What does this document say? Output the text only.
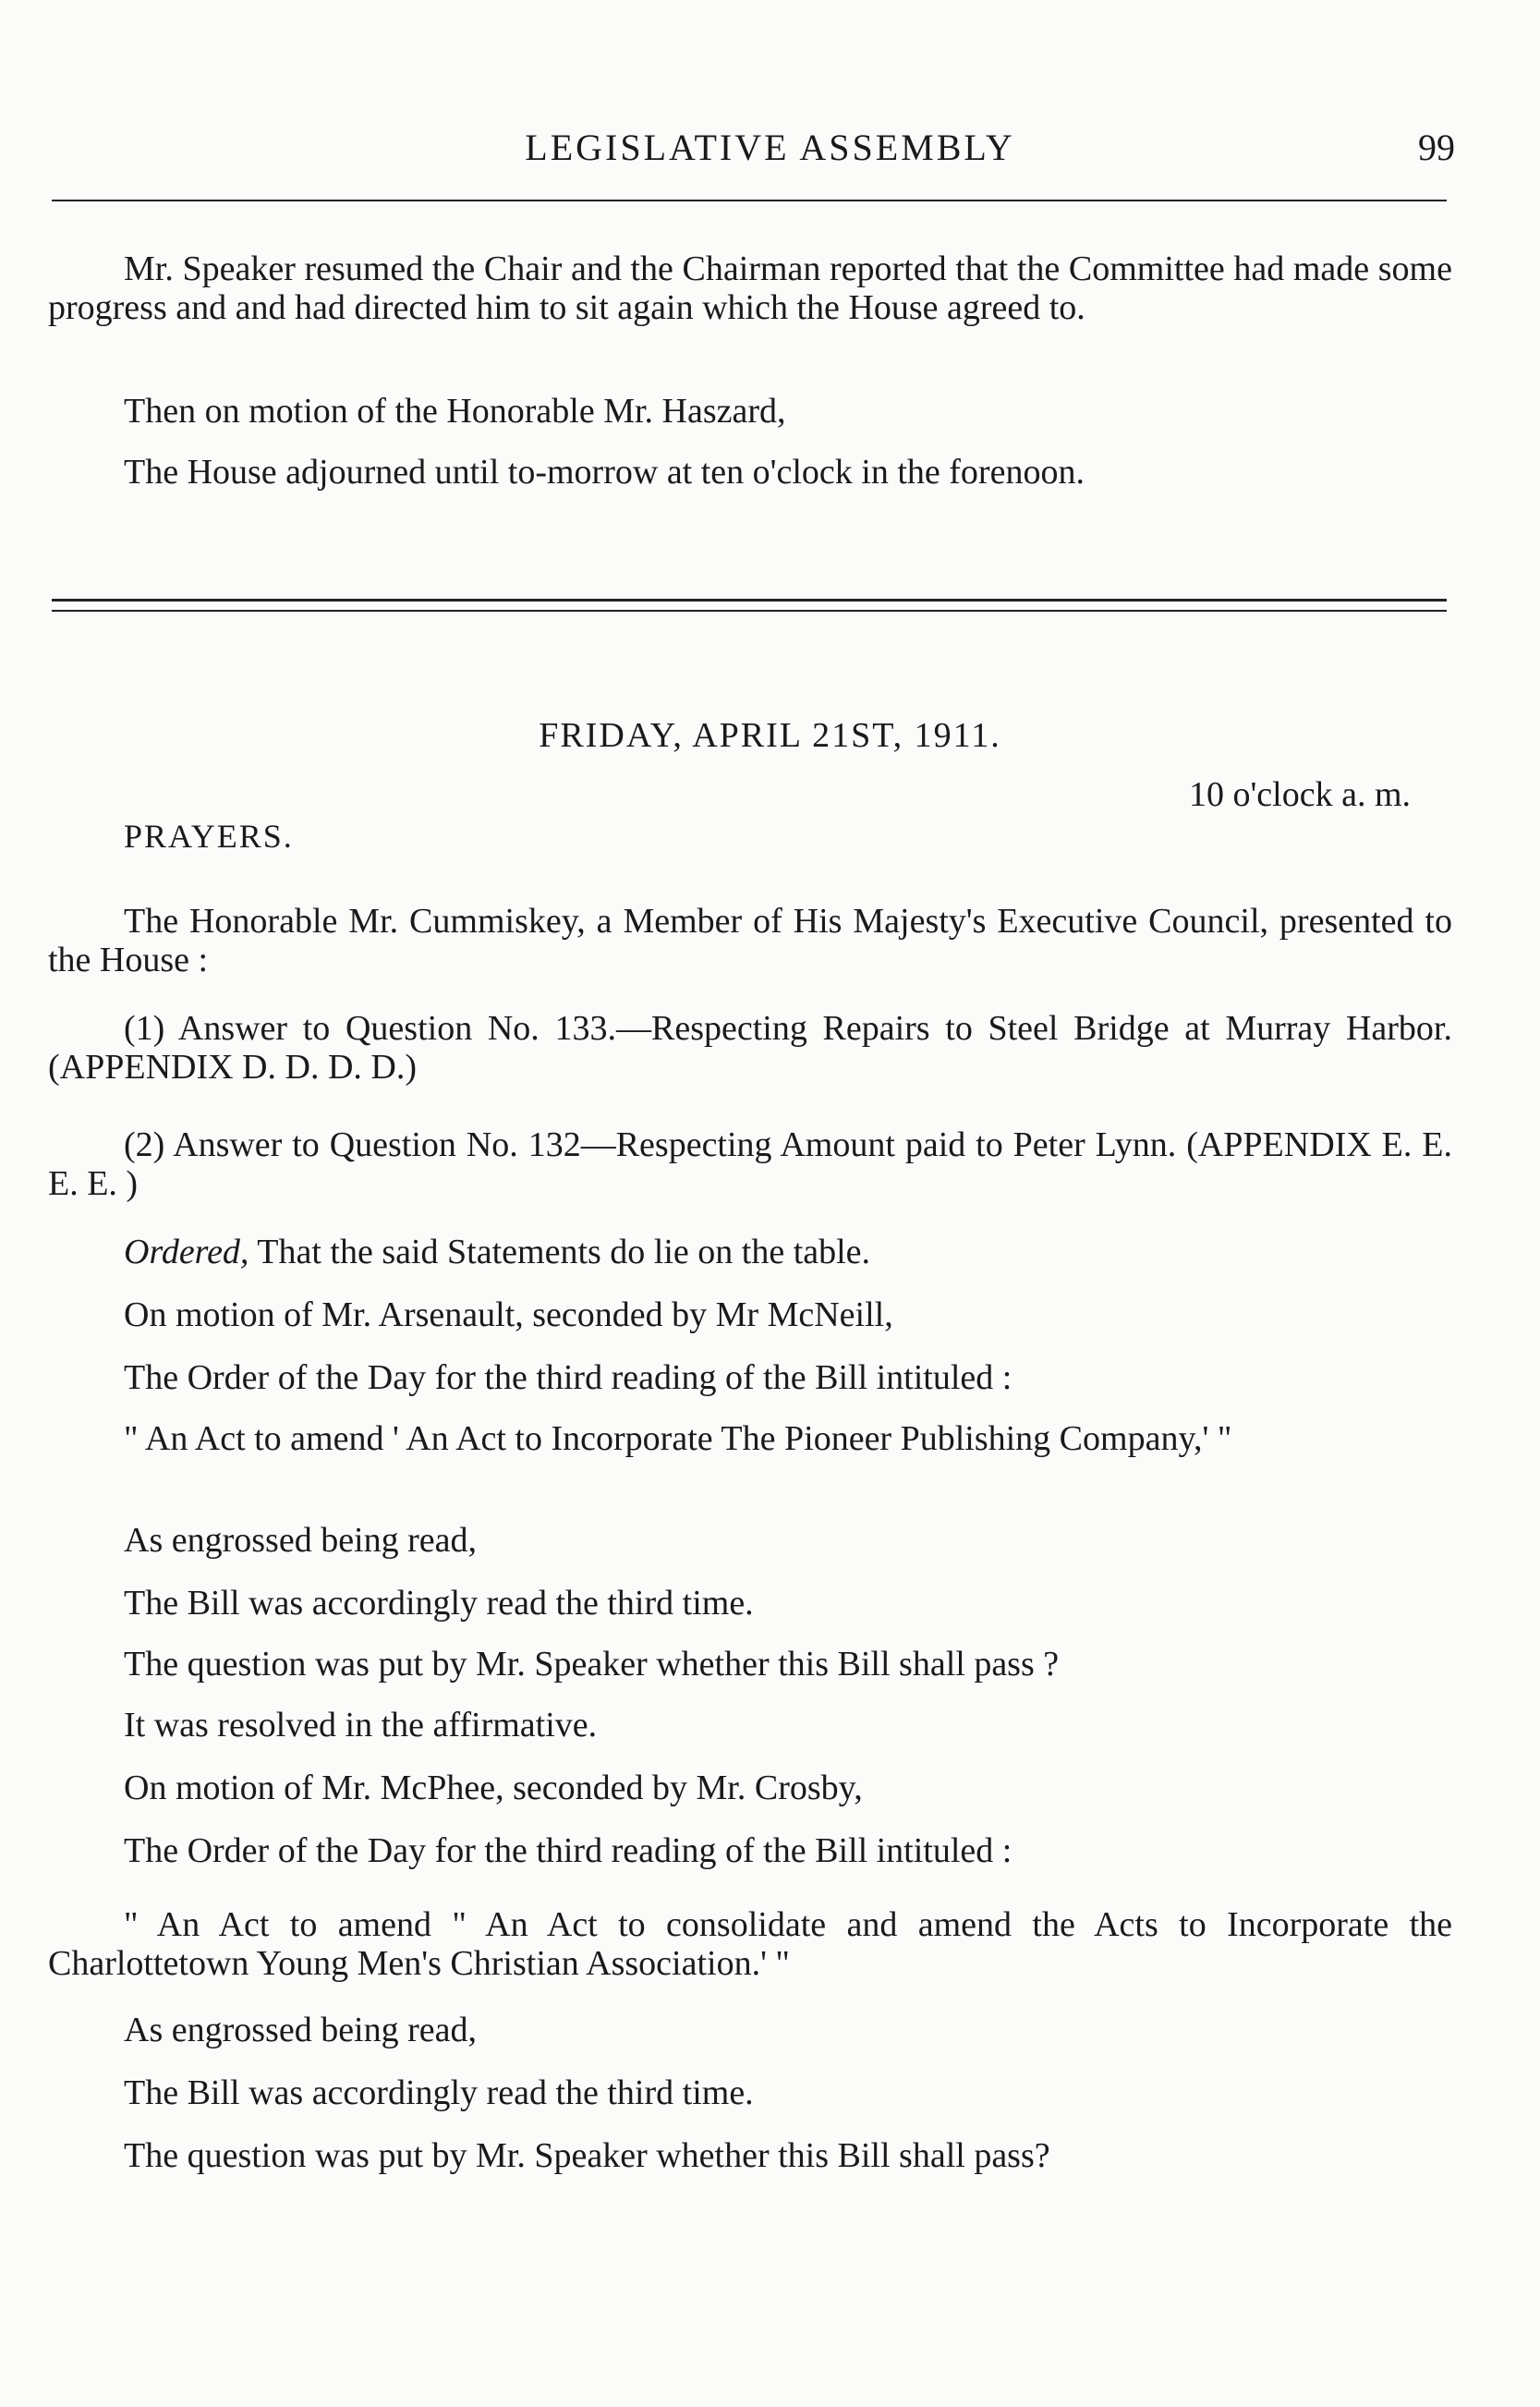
LEGISLATIVE ASSEMBLY	99

Mr. Speaker resumed the Chair and the Chairman reported that the Committee had made some progress and and had directed him to sit again which the House agreed to.

Then on motion of the Honorable Mr. Haszard,

The House adjourned until to-morrow at ten o'clock in the forenoon.

FRIDAY, APRIL 21ST, 1911.
10 o'clock a. m.
PRAYERS.

The Honorable Mr. Cummiskey, a Member of His Majesty's Executive Council, presented to the House :

(1) Answer to Question No. 133.—Respecting Repairs to Steel Bridge at Murray Harbor. (APPENDIX D. D. D. D.)

(2) Answer to Question No. 132—Respecting Amount paid to Peter Lynn. (APPENDIX E. E. E. E. )

Ordered, That the said Statements do lie on the table.

On motion of Mr. Arsenault, seconded by Mr McNeill,

The Order of the Day for the third reading of the Bill intituled :

" An Act to amend ' An Act to Incorporate The Pioneer Publishing Company,' "

As engrossed being read,

The Bill was accordingly read the third time.

The question was put by Mr. Speaker whether this Bill shall pass ?

It was resolved in the affirmative.

On motion of Mr. McPhee, seconded by Mr. Crosby,

The Order of the Day for the third reading of the Bill intituled :

" An Act to amend " An Act to consolidate and amend the Acts to Incorporate the Charlottetown Young Men's Christian Association.' "

As engrossed being read,

The Bill was accordingly read the third time.

The question was put by Mr. Speaker whether this Bill shall pass?
